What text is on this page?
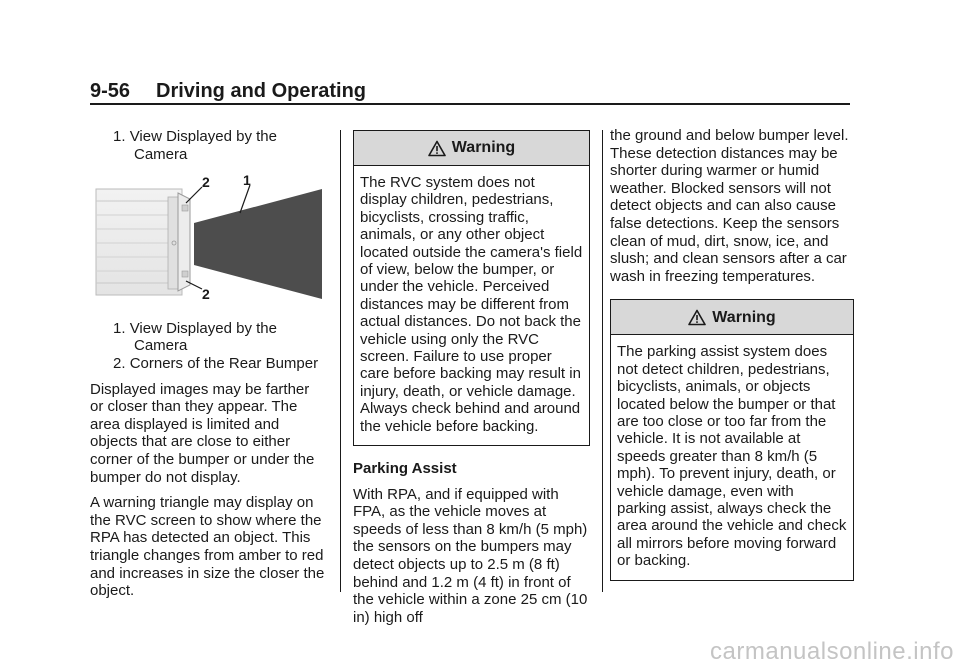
9-56 Driving and Operating
1. View Displayed by the Camera
2 1
2
1. View Displayed by the Camera
2. Corners of the Rear Bumper

Displayed images may be farther or closer than they appear. The area displayed is limited and objects that are close to either corner of the bumper or under the bumper do not display.

A warning triangle may display on the RVC screen to show where the RPA has detected an object. This triangle changes from amber to red and increases in size the closer the object.

Warning
The RVC system does not display children, pedestrians, bicyclists, crossing traffic, animals, or any other object located outside the camera's field of view, below the bumper, or under the vehicle. Perceived distances may be different from actual distances. Do not back the vehicle using only the RVC screen. Failure to use proper care before backing may result in injury, death, or vehicle damage. Always check behind and around the vehicle before backing.
Parking Assist

With RPA, and if equipped with FPA, as the vehicle moves at speeds of less than 8 km/h (5 mph) the sensors on the bumpers may detect objects up to 2.5 m (8 ft) behind and 1.2 m (4 ft) in front of the vehicle within a zone 25 cm (10 in) high off

the ground and below bumper level. These detection distances may be shorter during warmer or humid weather. Blocked sensors will not detect objects and can also cause false detections. Keep the sensors clean of mud, dirt, snow, ice, and slush; and clean sensors after a car wash in freezing temperatures.

Warning
The parking assist system does not detect children, pedestrians, bicyclists, animals, or objects located below the bumper or that are too close or too far from the vehicle. It is not available at speeds greater than 8 km/h (5 mph). To prevent injury, death, or vehicle damage, even with parking assist, always check the area around the vehicle and check all mirrors before moving forward or backing.
carmanualsonline.info
